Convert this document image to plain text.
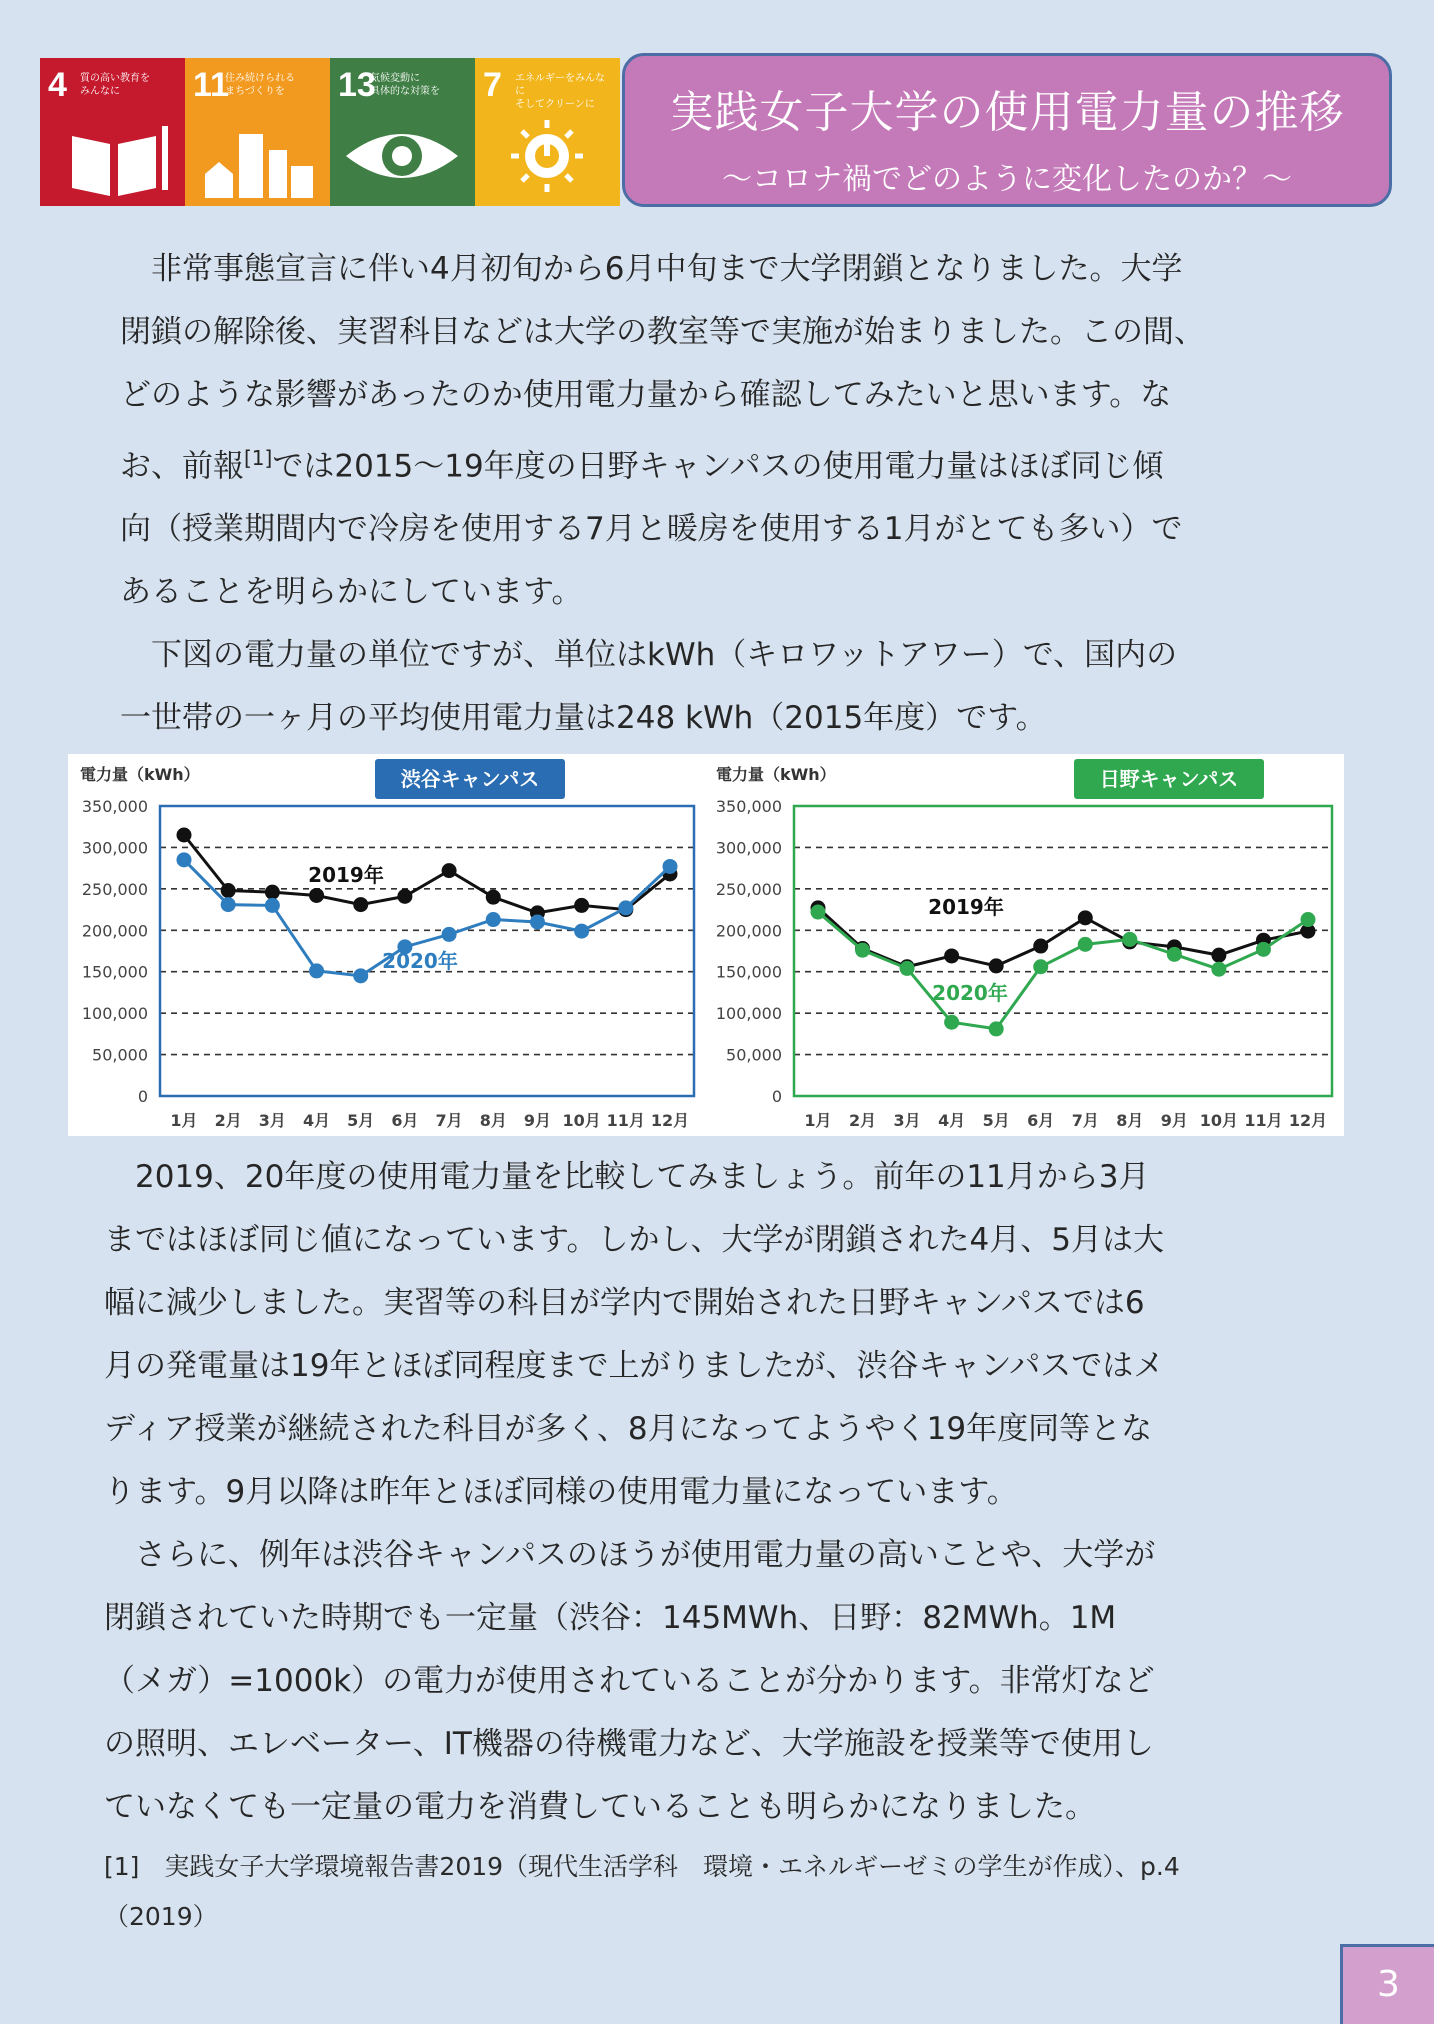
4 質の高い教育を
みんなに	11
住み続けられる
まちづくりを	13
気候変動に
具体的な対策を	7 エネルギーをみんなに
そしてクリーンに	実践女子大学の使用電力量の推移
～コロナ禍でどのように変化したのか？～

　非常事態宣言に伴い4月初旬から6月中旬まで大学閉鎖となりました。大学

閉鎖の解除後、実習科目などは大学の教室等で実施が始まりました。この間、

どのような影響があったのか使用電力量から確認してみたいと思います。な

お、前報[1]では2015～19年度の日野キャンパスの使用電力量はほぼ同じ傾

向（授業期間内で冷房を使用する7月と暖房を使用する1月がとても多い）で

あることを明らかにしています。

　下図の電力量の単位ですが、単位はkWh（キロワットアワー）で、国内の

一世帯の一ヶ月の平均使用電力量は248 kWh（2015年度）です。

電力量（kWh）	渋谷キャンパス
350,000
300,000
250,000
200,000
150,000
100,000
50,000
0
1月 2月 3月 4月 5月 6月 7月 8月 9月 10月 11月 12月
2019年
2020年
電力量（kWh）	日野キャンパス
350,000
300,000
250,000
200,000
150,000
100,000
50,000
0
1月 2月 3月 4月 5月 6月 7月 8月 9月 10月 11月 12月
2019年
2020年

　2019、20年度の使用電力量を比較してみましょう。前年の11月から3月

まではほぼ同じ値になっています。しかし、大学が閉鎖された4月、5月は大

幅に減少しました。実習等の科目が学内で開始された日野キャンパスでは6

月の発電量は19年とほぼ同程度まで上がりましたが、渋谷キャンパスではメ

ディア授業が継続された科目が多く、8月になってようやく19年度同等とな

ります。9月以降は昨年とほぼ同様の使用電力量になっています。

　さらに、例年は渋谷キャンパスのほうが使用電力量の高いことや、大学が

閉鎖されていた時期でも一定量（渋谷：145MWh、日野：82MWh。1M

（メガ）=1000k）の電力が使用されていることが分かります。非常灯など

の照明、エレベーター、IT機器の待機電力など、大学施設を授業等で使用し

ていなくても一定量の電力を消費していることも明らかになりました。

[1]　実践女子大学環境報告書2019（現代生活学科　環境・エネルギーゼミの学生が作成）、p.4
（2019）
3
